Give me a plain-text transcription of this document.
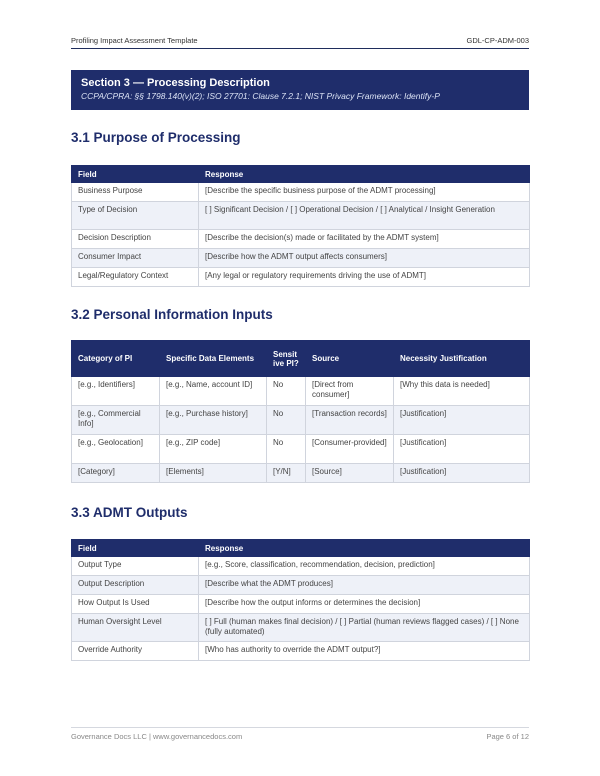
Profiling Impact Assessment Template	GDL-CP-ADM-003
Section 3 — Processing Description
CCPA/CPRA: §§ 1798.140(v)(2); ISO 27701: Clause 7.2.1; NIST Privacy Framework: Identify-P
3.1 Purpose of Processing
Field	Response
Business Purpose	[Describe the specific business purpose of the ADMT processing]
Type of Decision	[ ] Significant Decision / [ ] Operational Decision / [ ] Analytical / Insight Generation
Decision Description	[Describe the decision(s) made or facilitated by the ADMT system]
Consumer Impact	[Describe how the ADMT output affects consumers]
Legal/Regulatory Context	[Any legal or regulatory requirements driving the use of ADMT]
3.2 Personal Information Inputs
Category of PI	Specific Data Elements	Sensit ive PI?	Source	Necessity Justification
[e.g., Identifiers]	[e.g., Name, account ID]	No	[Direct from consumer]	[Why this data is needed]
[e.g., Commercial Info]	[e.g., Purchase history]	No	[Transaction records]	[Justification]
[e.g., Geolocation]	[e.g., ZIP code]	No	[Consumer-provided]	[Justification]
[Category]	[Elements]	[Y/N]	[Source]	[Justification]
3.3 ADMT Outputs
Field	Response
Output Type	[e.g., Score, classification, recommendation, decision, prediction]
Output Description	[Describe what the ADMT produces]
How Output Is Used	[Describe how the output informs or determines the decision]
Human Oversight Level	[ ] Full (human makes final decision) / [ ] Partial (human reviews flagged cases) / [ ] None (fully automated)
Override Authority	[Who has authority to override the ADMT output?]
Governance Docs LLC | www.governancedocs.com	Page 6 of 12
